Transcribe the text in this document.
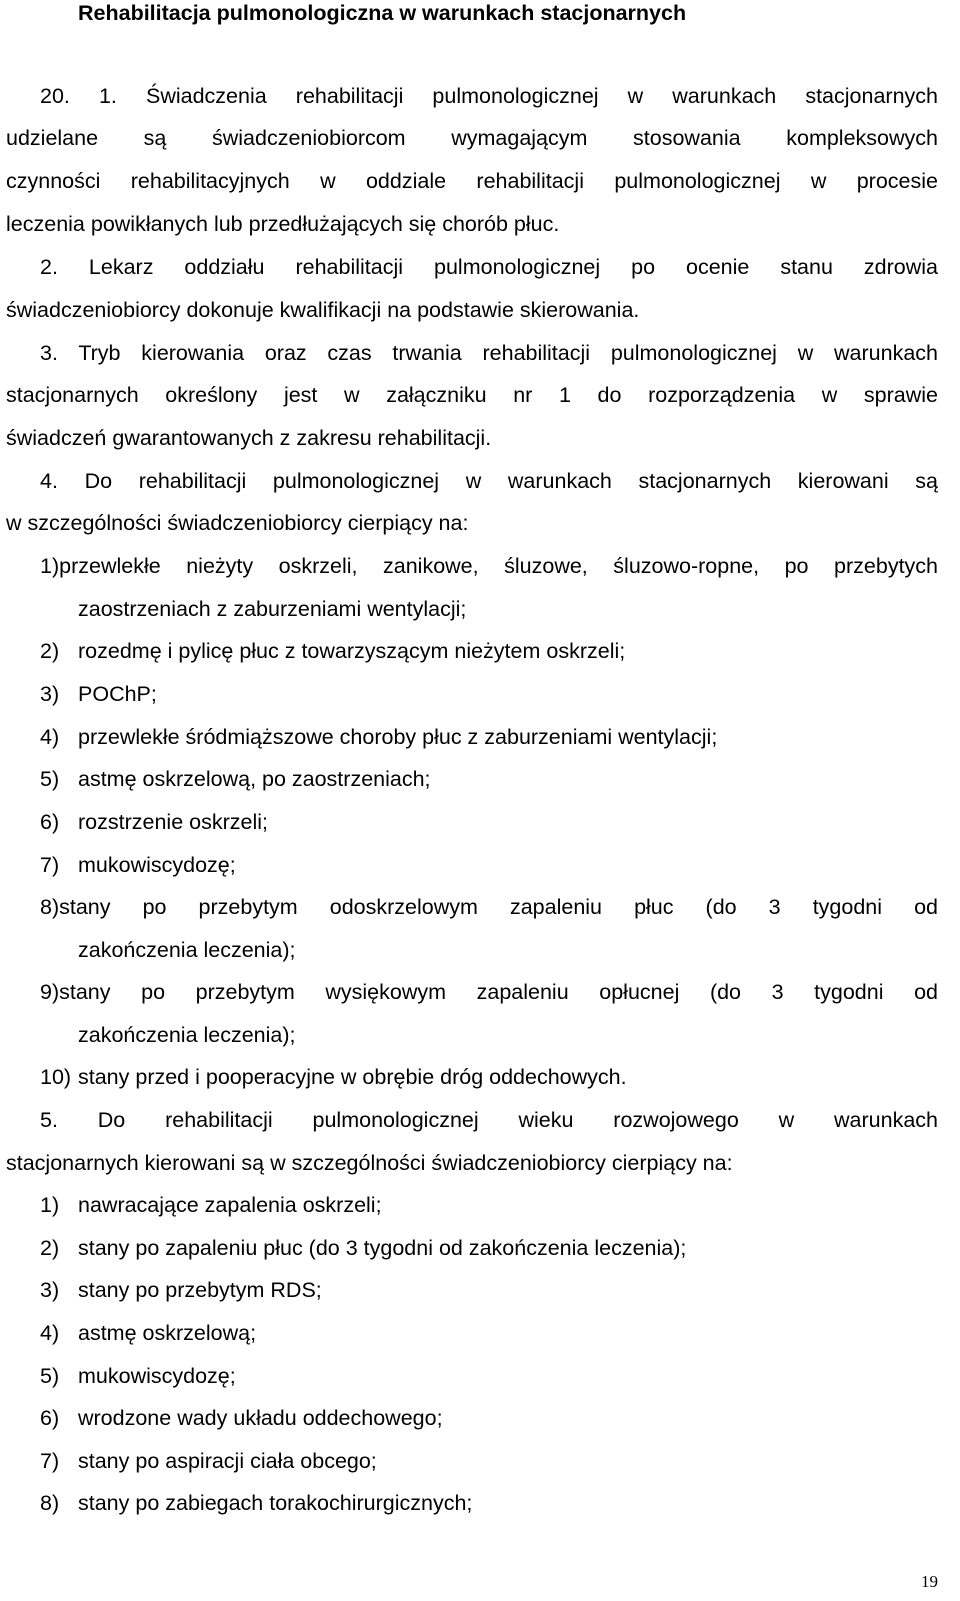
Rehabilitacja pulmonologiczna w warunkach stacjonarnych
20. 1. Świadczenia rehabilitacji pulmonologicznej w warunkach stacjonarnych
udzielane są świadczeniobiorcom wymagającym stosowania kompleksowych
czynności rehabilitacyjnych w oddziale rehabilitacji pulmonologicznej w procesie
leczenia powikłanych lub przedłużających się chorób płuc.
2. Lekarz oddziału rehabilitacji pulmonologicznej po ocenie stanu zdrowia
świadczeniobiorcy dokonuje kwalifikacji na podstawie skierowania.
3. Tryb kierowania oraz czas trwania rehabilitacji pulmonologicznej w warunkach
stacjonarnych określony jest w załączniku nr 1 do rozporządzenia w sprawie
świadczeń gwarantowanych z zakresu rehabilitacji.
4. Do rehabilitacji pulmonologicznej w warunkach stacjonarnych kierowani są
w szczególności świadczeniobiorcy cierpiący na:
1)przewlekłe nieżyty oskrzeli, zanikowe, śluzowe, śluzowo-ropne, po przebytych
zaostrzeniach z zaburzeniami wentylacji;
2) rozedmę i pylicę płuc z towarzyszącym nieżytem oskrzeli;
3) POChP;
4) przewlekłe śródmiąższowe choroby płuc z zaburzeniami wentylacji;
5) astmę oskrzelową, po zaostrzeniach;
6) rozstrzenie oskrzeli;
7) mukowiscydozę;
8)stany po przebytym odoskrzelowym zapaleniu płuc (do 3 tygodni od
zakończenia leczenia);
9)stany po przebytym wysiękowym zapaleniu opłucnej (do 3 tygodni od
zakończenia leczenia);
10) stany przed i pooperacyjne w obrębie dróg oddechowych.
5. Do rehabilitacji pulmonologicznej wieku rozwojowego w warunkach
stacjonarnych kierowani są w szczególności świadczeniobiorcy cierpiący na:
1) nawracające zapalenia oskrzeli;
2) stany po zapaleniu płuc (do 3 tygodni od zakończenia leczenia);
3) stany po przebytym RDS;
4) astmę oskrzelową;
5) mukowiscydozę;
6) wrodzone wady układu oddechowego;
7) stany po aspiracji ciała obcego;
8) stany po zabiegach torakochirurgicznych;
19
